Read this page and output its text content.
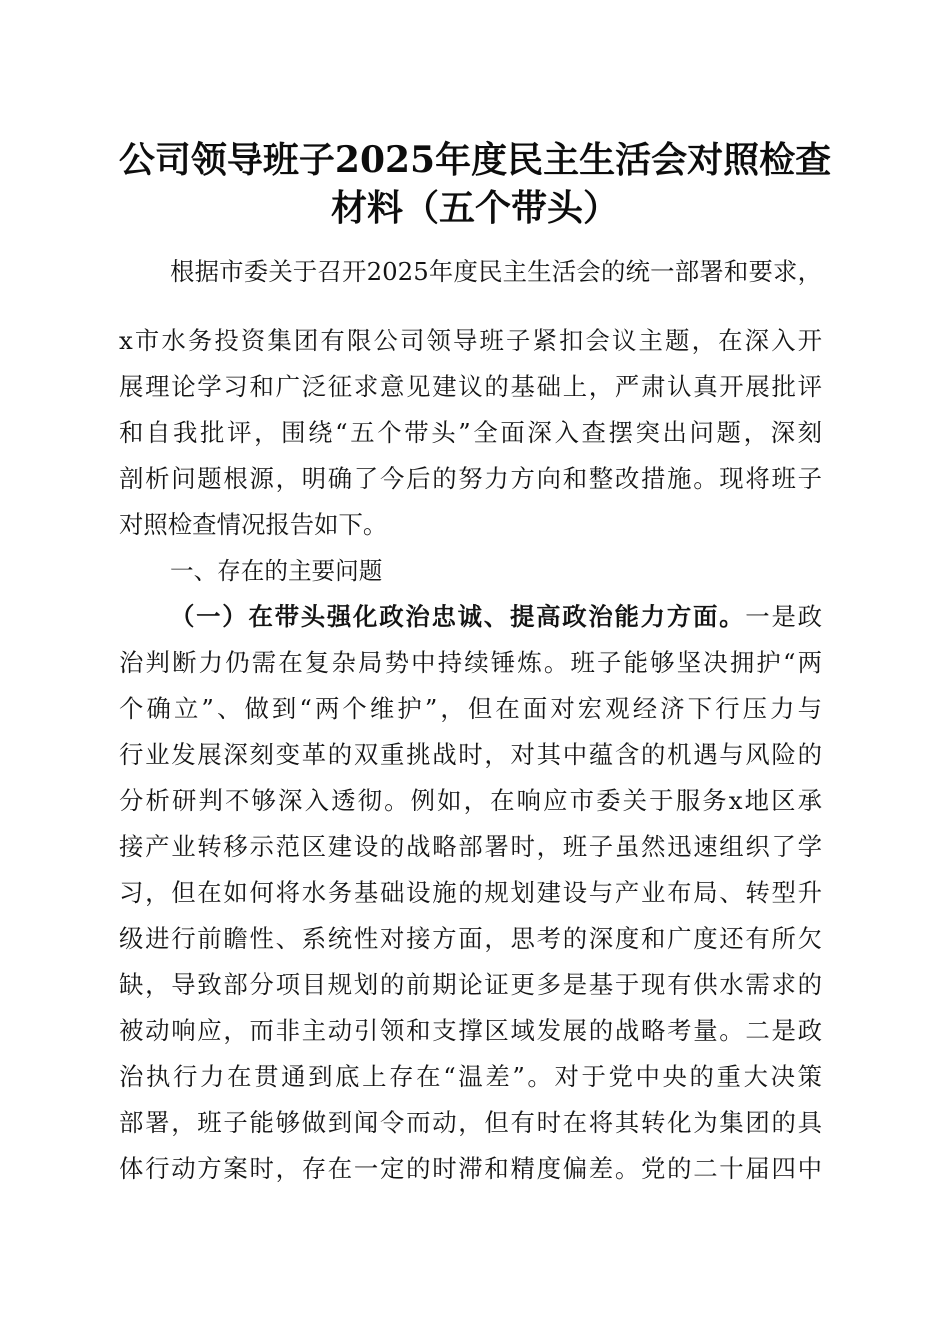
公司领导班子2025年度民主生活会对照检查
材料（五个带头）
根据市委关于召开2025年度民主生活会的统一部署和要求，
x市水务投资集团有限公司领导班子紧扣会议主题，在深入开
展理论学习和广泛征求意见建议的基础上，严肃认真开展批评
和自我批评，围绕“五个带头”全面深入查摆突出问题，深刻
剖析问题根源，明确了今后的努力方向和整改措施。现将班子
对照检查情况报告如下。
一、存在的主要问题
（一）在带头强化政治忠诚、提高政治能力方面。一是政
治判断力仍需在复杂局势中持续锤炼。班子能够坚决拥护“两
个确立”、做到“两个维护”，但在面对宏观经济下行压力与
行业发展深刻变革的双重挑战时，对其中蕴含的机遇与风险的
分析研判不够深入透彻。例如，在响应市委关于服务x地区承
接产业转移示范区建设的战略部署时，班子虽然迅速组织了学
习，但在如何将水务基础设施的规划建设与产业布局、转型升
级进行前瞻性、系统性对接方面，思考的深度和广度还有所欠
缺，导致部分项目规划的前期论证更多是基于现有供水需求的
被动响应，而非主动引领和支撑区域发展的战略考量。二是政
治执行力在贯通到底上存在“温差”。对于党中央的重大决策
部署，班子能够做到闻令而动，但有时在将其转化为集团的具
体行动方案时，存在一定的时滞和精度偏差。党的二十届四中
